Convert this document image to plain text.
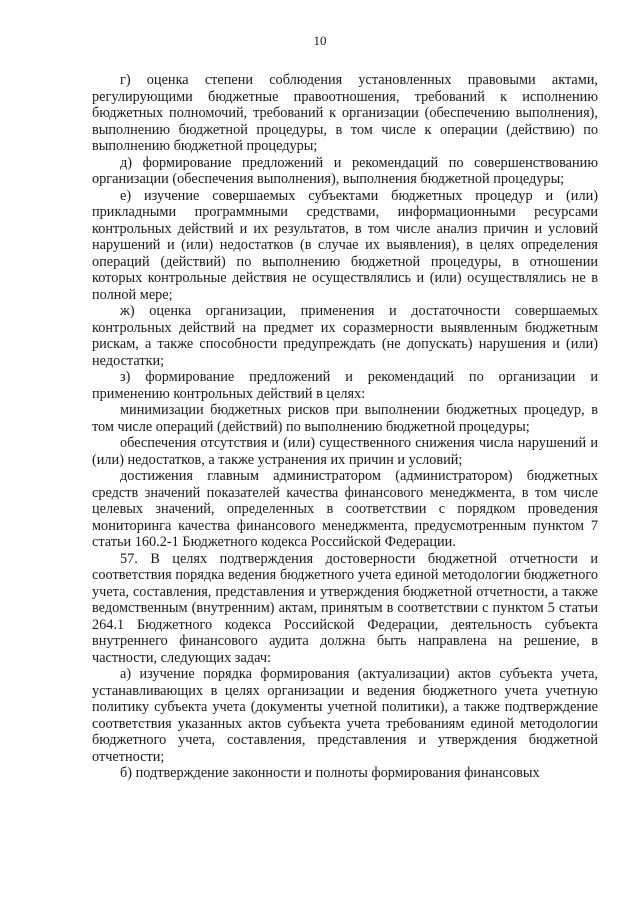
10

г) оценка степени соблюдения установленных правовыми актами, регулирующими бюджетные правоотношения, требований к исполнению бюджетных полномочий, требований к организации (обеспечению выполнения), выполнению бюджетной процедуры, в том числе к операции (действию) по выполнению бюджетной процедуры;

д) формирование предложений и рекомендаций по совершенствованию организации (обеспечения выполнения), выполнения бюджетной процедуры;

е) изучение совершаемых субъектами бюджетных процедур и (или) прикладными программными средствами, информационными ресурсами контрольных действий и их результатов, в том числе анализ причин и условий нарушений и (или) недостатков (в случае их выявления), в целях определения операций (действий) по выполнению бюджетной процедуры, в отношении которых контрольные действия не осуществлялись и (или) осуществлялись не в полной мере;

ж) оценка организации, применения и достаточности совершаемых контрольных действий на предмет их соразмерности выявленным бюджетным рискам, а также способности предупреждать (не допускать) нарушения и (или) недостатки;

з) формирование предложений и рекомендаций по организации и применению контрольных действий в целях:

минимизации бюджетных рисков при выполнении бюджетных процедур, в том числе операций (действий) по выполнению бюджетной процедуры;

обеспечения отсутствия и (или) существенного снижения числа нарушений и (или) недостатков, а также устранения их причин и условий;

достижения главным администратором (администратором) бюджетных средств значений показателей качества финансового менеджмента, в том числе целевых значений, определенных в соответствии с порядком проведения мониторинга качества финансового менеджмента, предусмотренным пунктом 7 статьи 160.2-1 Бюджетного кодекса Российской Федерации.

57. В целях подтверждения достоверности бюджетной отчетности и соответствия порядка ведения бюджетного учета единой методологии бюджетного учета, составления, представления и утверждения бюджетной отчетности, а также ведомственным (внутренним) актам, принятым в соответствии с пунктом 5 статьи 264.1 Бюджетного кодекса Российской Федерации, деятельность субъекта внутреннего финансового аудита должна быть направлена на решение, в частности, следующих задач:

а) изучение порядка формирования (актуализации) актов субъекта учета, устанавливающих в целях организации и ведения бюджетного учета учетную политику субъекта учета (документы учетной политики), а также подтверждение соответствия указанных актов субъекта учета требованиям единой методологии бюджетного учета, составления, представления и утверждения бюджетной отчетности;

б) подтверждение законности и полноты формирования финансовых
